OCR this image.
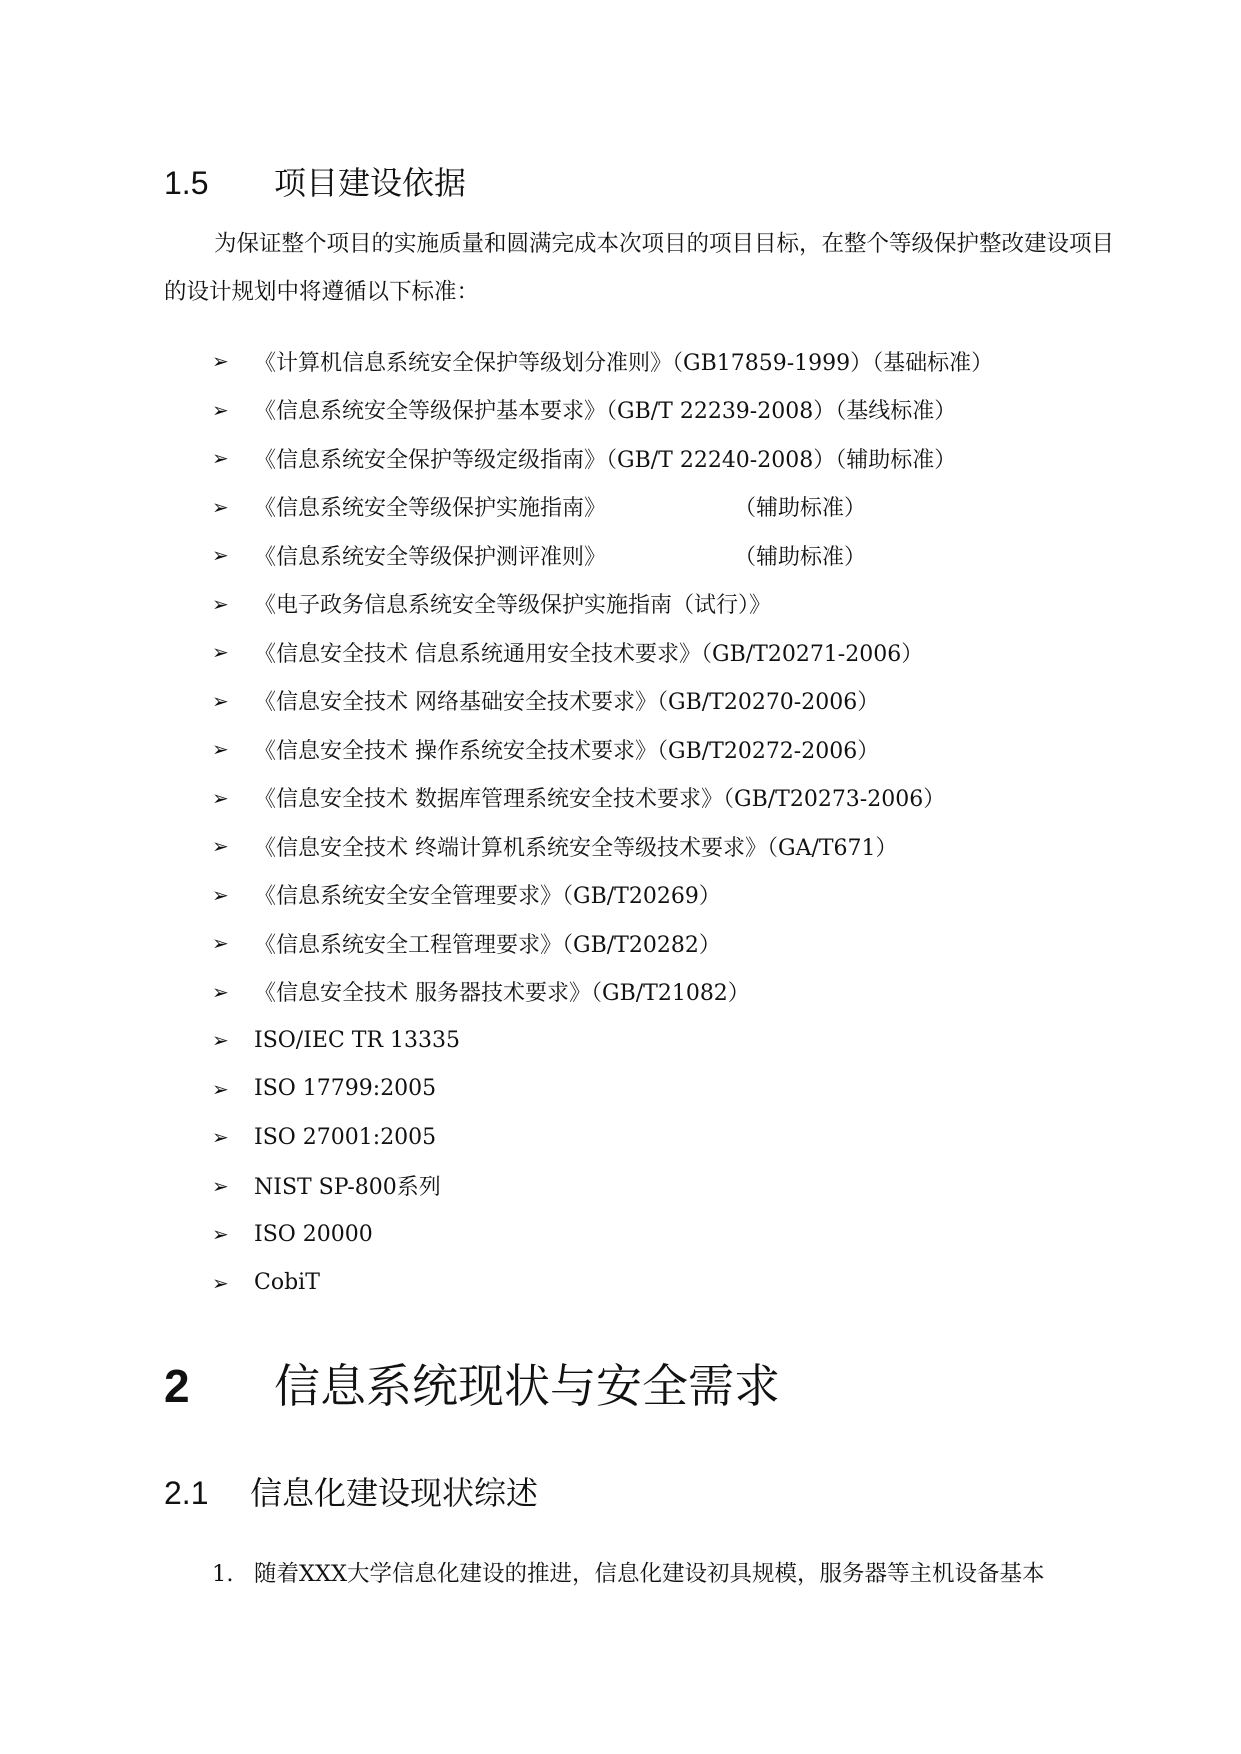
1.5 项目建设依据
为保证整个项目的实施质量和圆满完成本次项目的项目目标，在整个等级保护整改建设项目的设计规划中将遵循以下标准：
➢	《计算机信息系统安全保护等级划分准则》（GB17859-1999）（基础标准）
➢	《信息系统安全等级保护基本要求》（GB/T 22239-2008）（基线标准）
➢	《信息系统安全保护等级定级指南》（GB/T 22240-2008）（辅助标准）
➢	《信息系统安全等级保护实施指南》	（辅助标准）
➢	《信息系统安全等级保护测评准则》	（辅助标准）
➢	《电子政务信息系统安全等级保护实施指南（试行）》
➢	《信息安全技术 信息系统通用安全技术要求》（GB/T20271-2006）
➢	《信息安全技术 网络基础安全技术要求》（GB/T20270-2006）
➢	《信息安全技术 操作系统安全技术要求》（GB/T20272-2006）
➢	《信息安全技术 数据库管理系统安全技术要求》（GB/T20273-2006）
➢	《信息安全技术 终端计算机系统安全等级技术要求》（GA/T671）
➢	《信息系统安全安全管理要求》（GB/T20269）
➢	《信息系统安全工程管理要求》（GB/T20282）
➢	《信息安全技术 服务器技术要求》（GB/T21082）
➢	ISO/IEC TR 13335
➢	ISO 17799:2005
➢	ISO 27001:2005
➢	NIST SP-800系列
➢	ISO 20000
➢	CobiT
2 信息系统现状与安全需求
2.1 信息化建设现状综述
1. 随着XXX大学信息化建设的推进，信息化建设初具规模，服务器等主机设备基本
